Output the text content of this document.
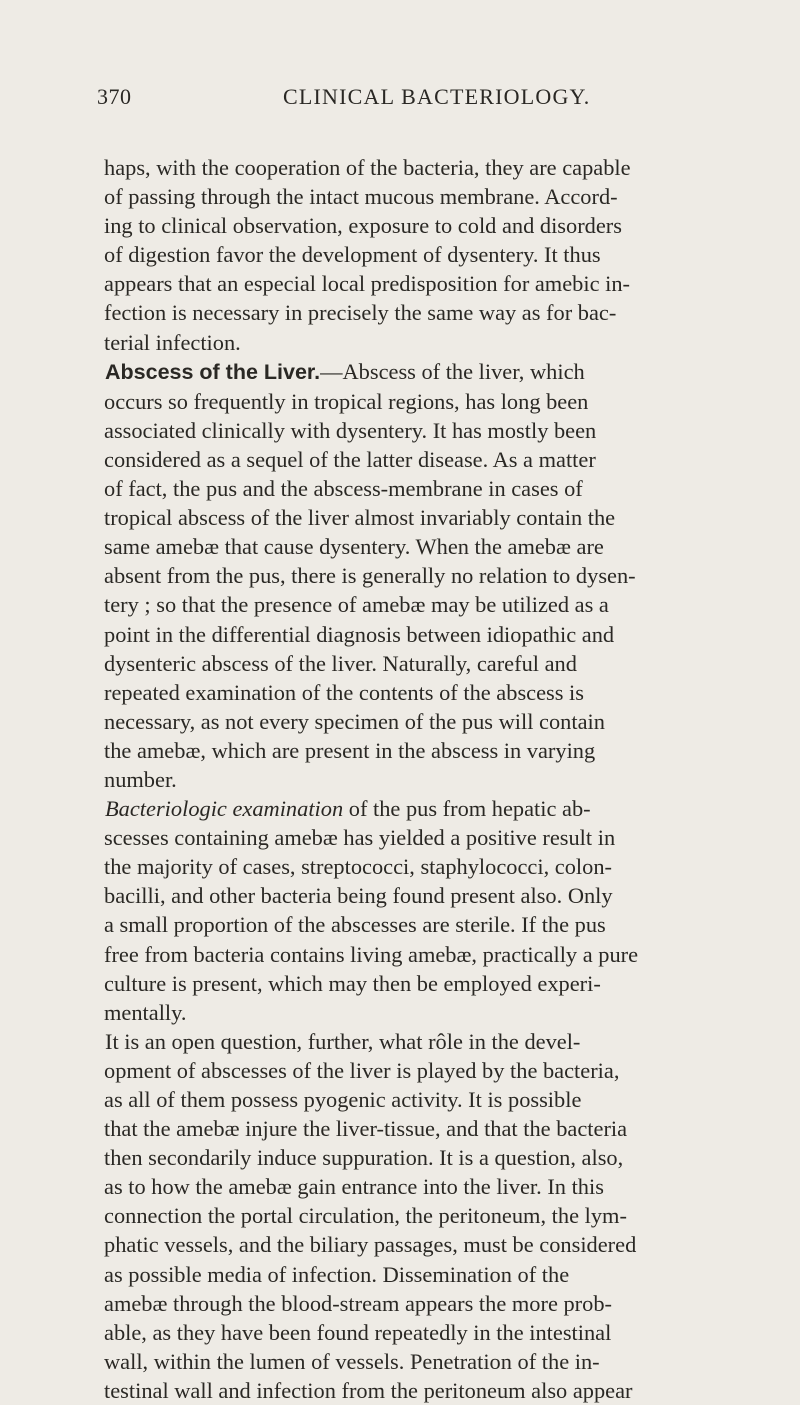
370	CLINICAL BACTERIOLOGY.

haps, with the cooperation of the bacteria, they are capable
of passing through the intact mucous membrane. Accord-
ing to clinical observation, exposure to cold and disorders
of digestion favor the development of dysentery. It thus
appears that an especial local predisposition for amebic in-
fection is necessary in precisely the same way as for bac-
terial infection.

Abscess of the Liver.—Abscess of the liver, which
occurs so frequently in tropical regions, has long been
associated clinically with dysentery. It has mostly been
considered as a sequel of the latter disease. As a matter
of fact, the pus and the abscess-membrane in cases of
tropical abscess of the liver almost invariably contain the
same amebæ that cause dysentery. When the amebæ are
absent from the pus, there is generally no relation to dysen-
tery ; so that the presence of amebæ may be utilized as a
point in the differential diagnosis between idiopathic and
dysenteric abscess of the liver. Naturally, careful and
repeated examination of the contents of the abscess is
necessary, as not every specimen of the pus will contain
the amebæ, which are present in the abscess in varying
number.

Bacteriologic examination of the pus from hepatic ab-
scesses containing amebæ has yielded a positive result in
the majority of cases, streptococci, staphylococci, colon-
bacilli, and other bacteria being found present also. Only
a small proportion of the abscesses are sterile. If the pus
free from bacteria contains living amebæ, practically a pure
culture is present, which may then be employed experi-
mentally.

It is an open question, further, what rôle in the devel-
opment of abscesses of the liver is played by the bacteria,
as all of them possess pyogenic activity. It is possible
that the amebæ injure the liver-tissue, and that the bacteria
then secondarily induce suppuration. It is a question, also,
as to how the amebæ gain entrance into the liver. In this
connection the portal circulation, the peritoneum, the lym-
phatic vessels, and the biliary passages, must be considered
as possible media of infection. Dissemination of the
amebæ through the blood-stream appears the more prob-
able, as they have been found repeatedly in the intestinal
wall, within the lumen of vessels. Penetration of the in-
testinal wall and infection from the peritoneum also appear
